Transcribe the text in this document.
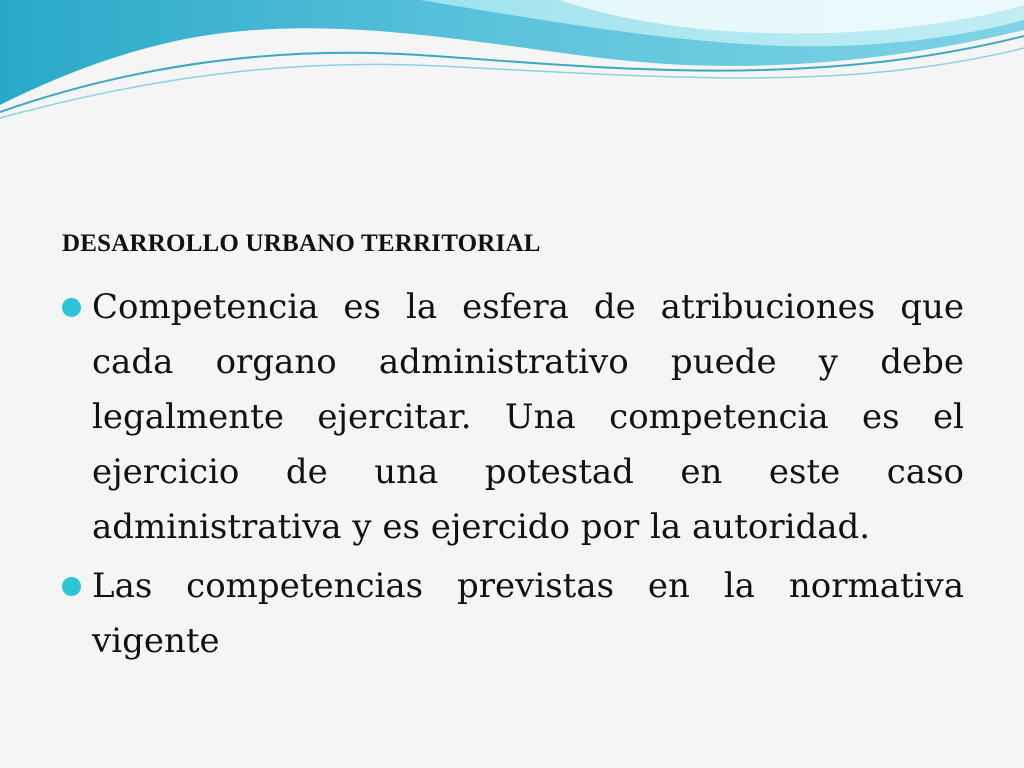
DESARROLLO URBANO TERRITORIAL
Competencia es la esfera de atribuciones que cada organo administrativo puede y debe legalmente ejercitar. Una competencia es el ejercicio de una potestad en este caso administrativa y es ejercido por la autoridad.
Las competencias previstas en la normativa vigente
